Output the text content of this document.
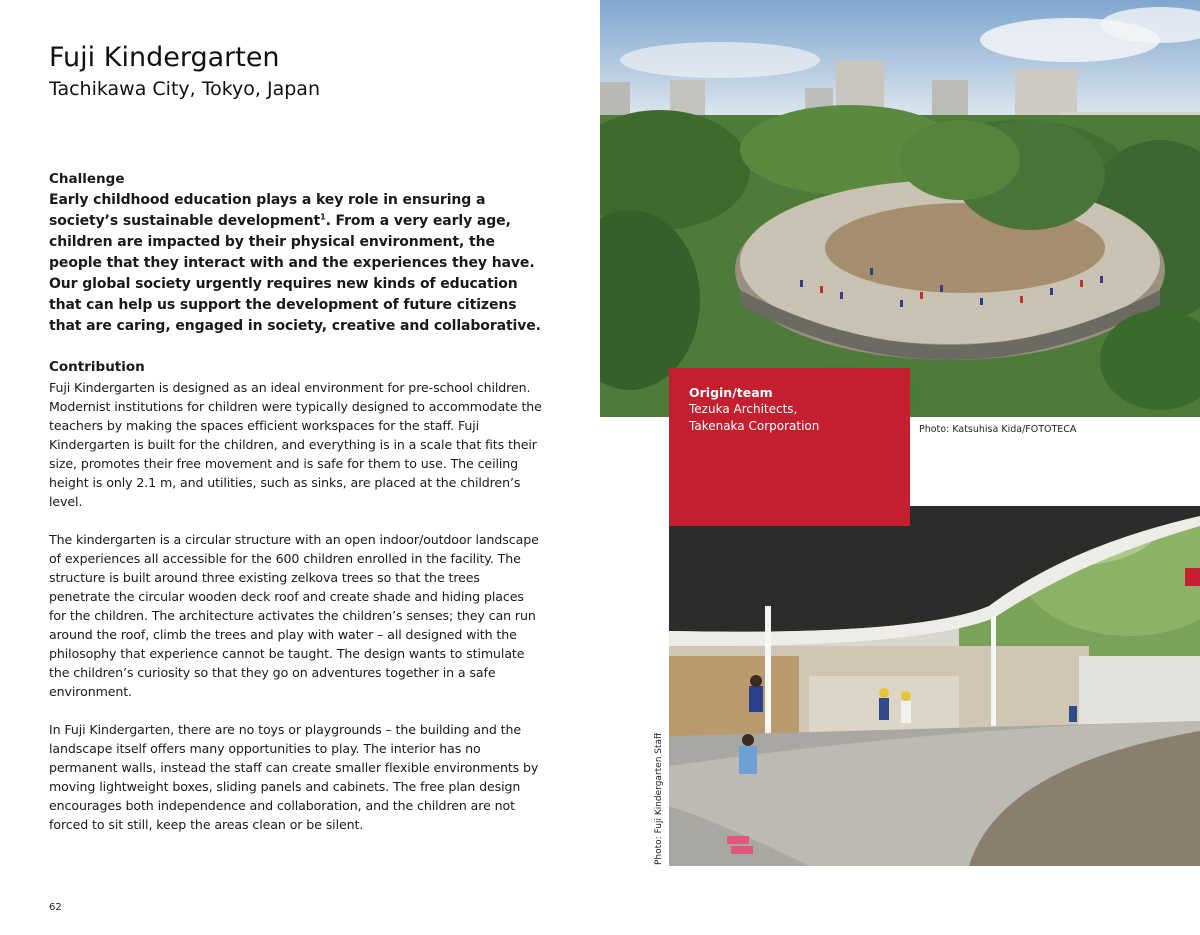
Fuji Kindergarten

Tachikawa City, Tokyo, Japan

Challenge

Early childhood education plays a key role in ensuring a society’s sustainable development$^1$. From a very early age, children are impacted by their physical environment, the people that they interact with and the experiences they have. Our global society urgently requires new kinds of education that can help us support the development of future citizens that are caring, engaged in society, creative and collaborative.

Contribution

Fuji Kindergarten is designed as an ideal environment for pre-school children. Modernist institutions for children were typically designed to accommodate the teachers by making the spaces efficient workspaces for the staff. Fuji Kindergarten is built for the children, and everything is in a scale that fits their size, promotes their free movement and is safe for them to use. The ceiling height is only 2.1 m, and utilities, such as sinks, are placed at the children’s level.

The kindergarten is a circular structure with an open indoor/outdoor landscape of experiences all accessible for the 600 children enrolled in the facility. The structure is built around three existing zelkova trees so that the trees penetrate the circular wooden deck roof and create shade and hiding places for the children. The architecture activates the children’s senses; they can run around the roof, climb the trees and play with water – all designed with the philosophy that experience cannot be taught. The design wants to stimulate the children’s curiosity so that they go on adventures together in a safe environment.

In Fuji Kindergarten, there are no toys or playgrounds – the building and the landscape itself offers many opportunities to play. The interior has no permanent walls, instead the staff can create smaller flexible environments by moving lightweight boxes, sliding panels and cabinets. The free plan design encourages both independence and collaboration, and the children are not forced to sit still, keep the areas clean or be silent.

62

Origin/team

Tezuka Architects,

Takenaka Corporation	Photo: Katsuhisa Kida/FOTOTECA
Photo: Fuji Kindergarten Staff
